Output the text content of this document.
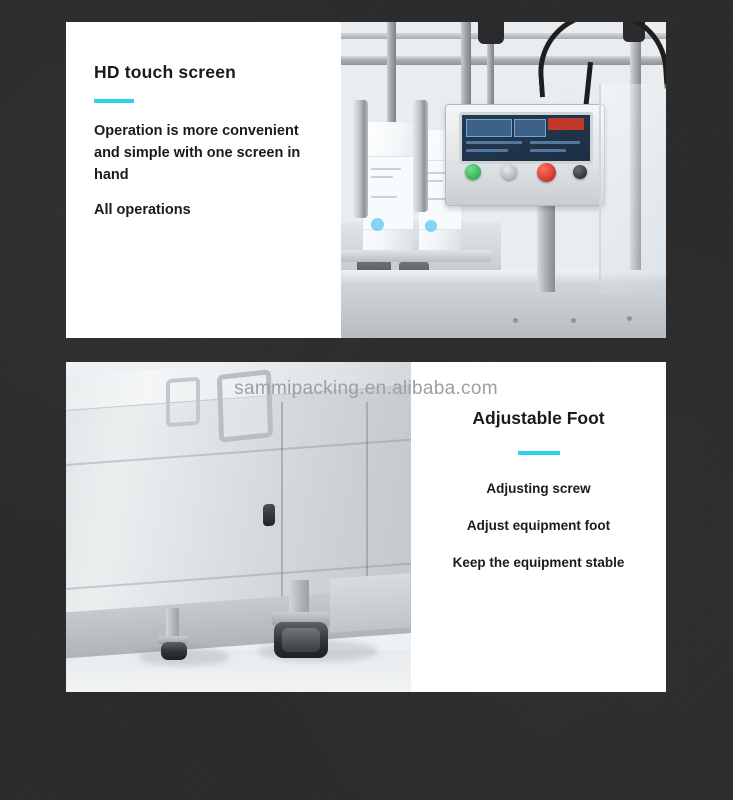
HD touch screen

Operation is more convenient and simple with one screen in hand

All operations

Adjustable Foot

Adjusting screw

Adjust equipment foot

Keep the equipment stable

sammipacking.en.alibaba.com
